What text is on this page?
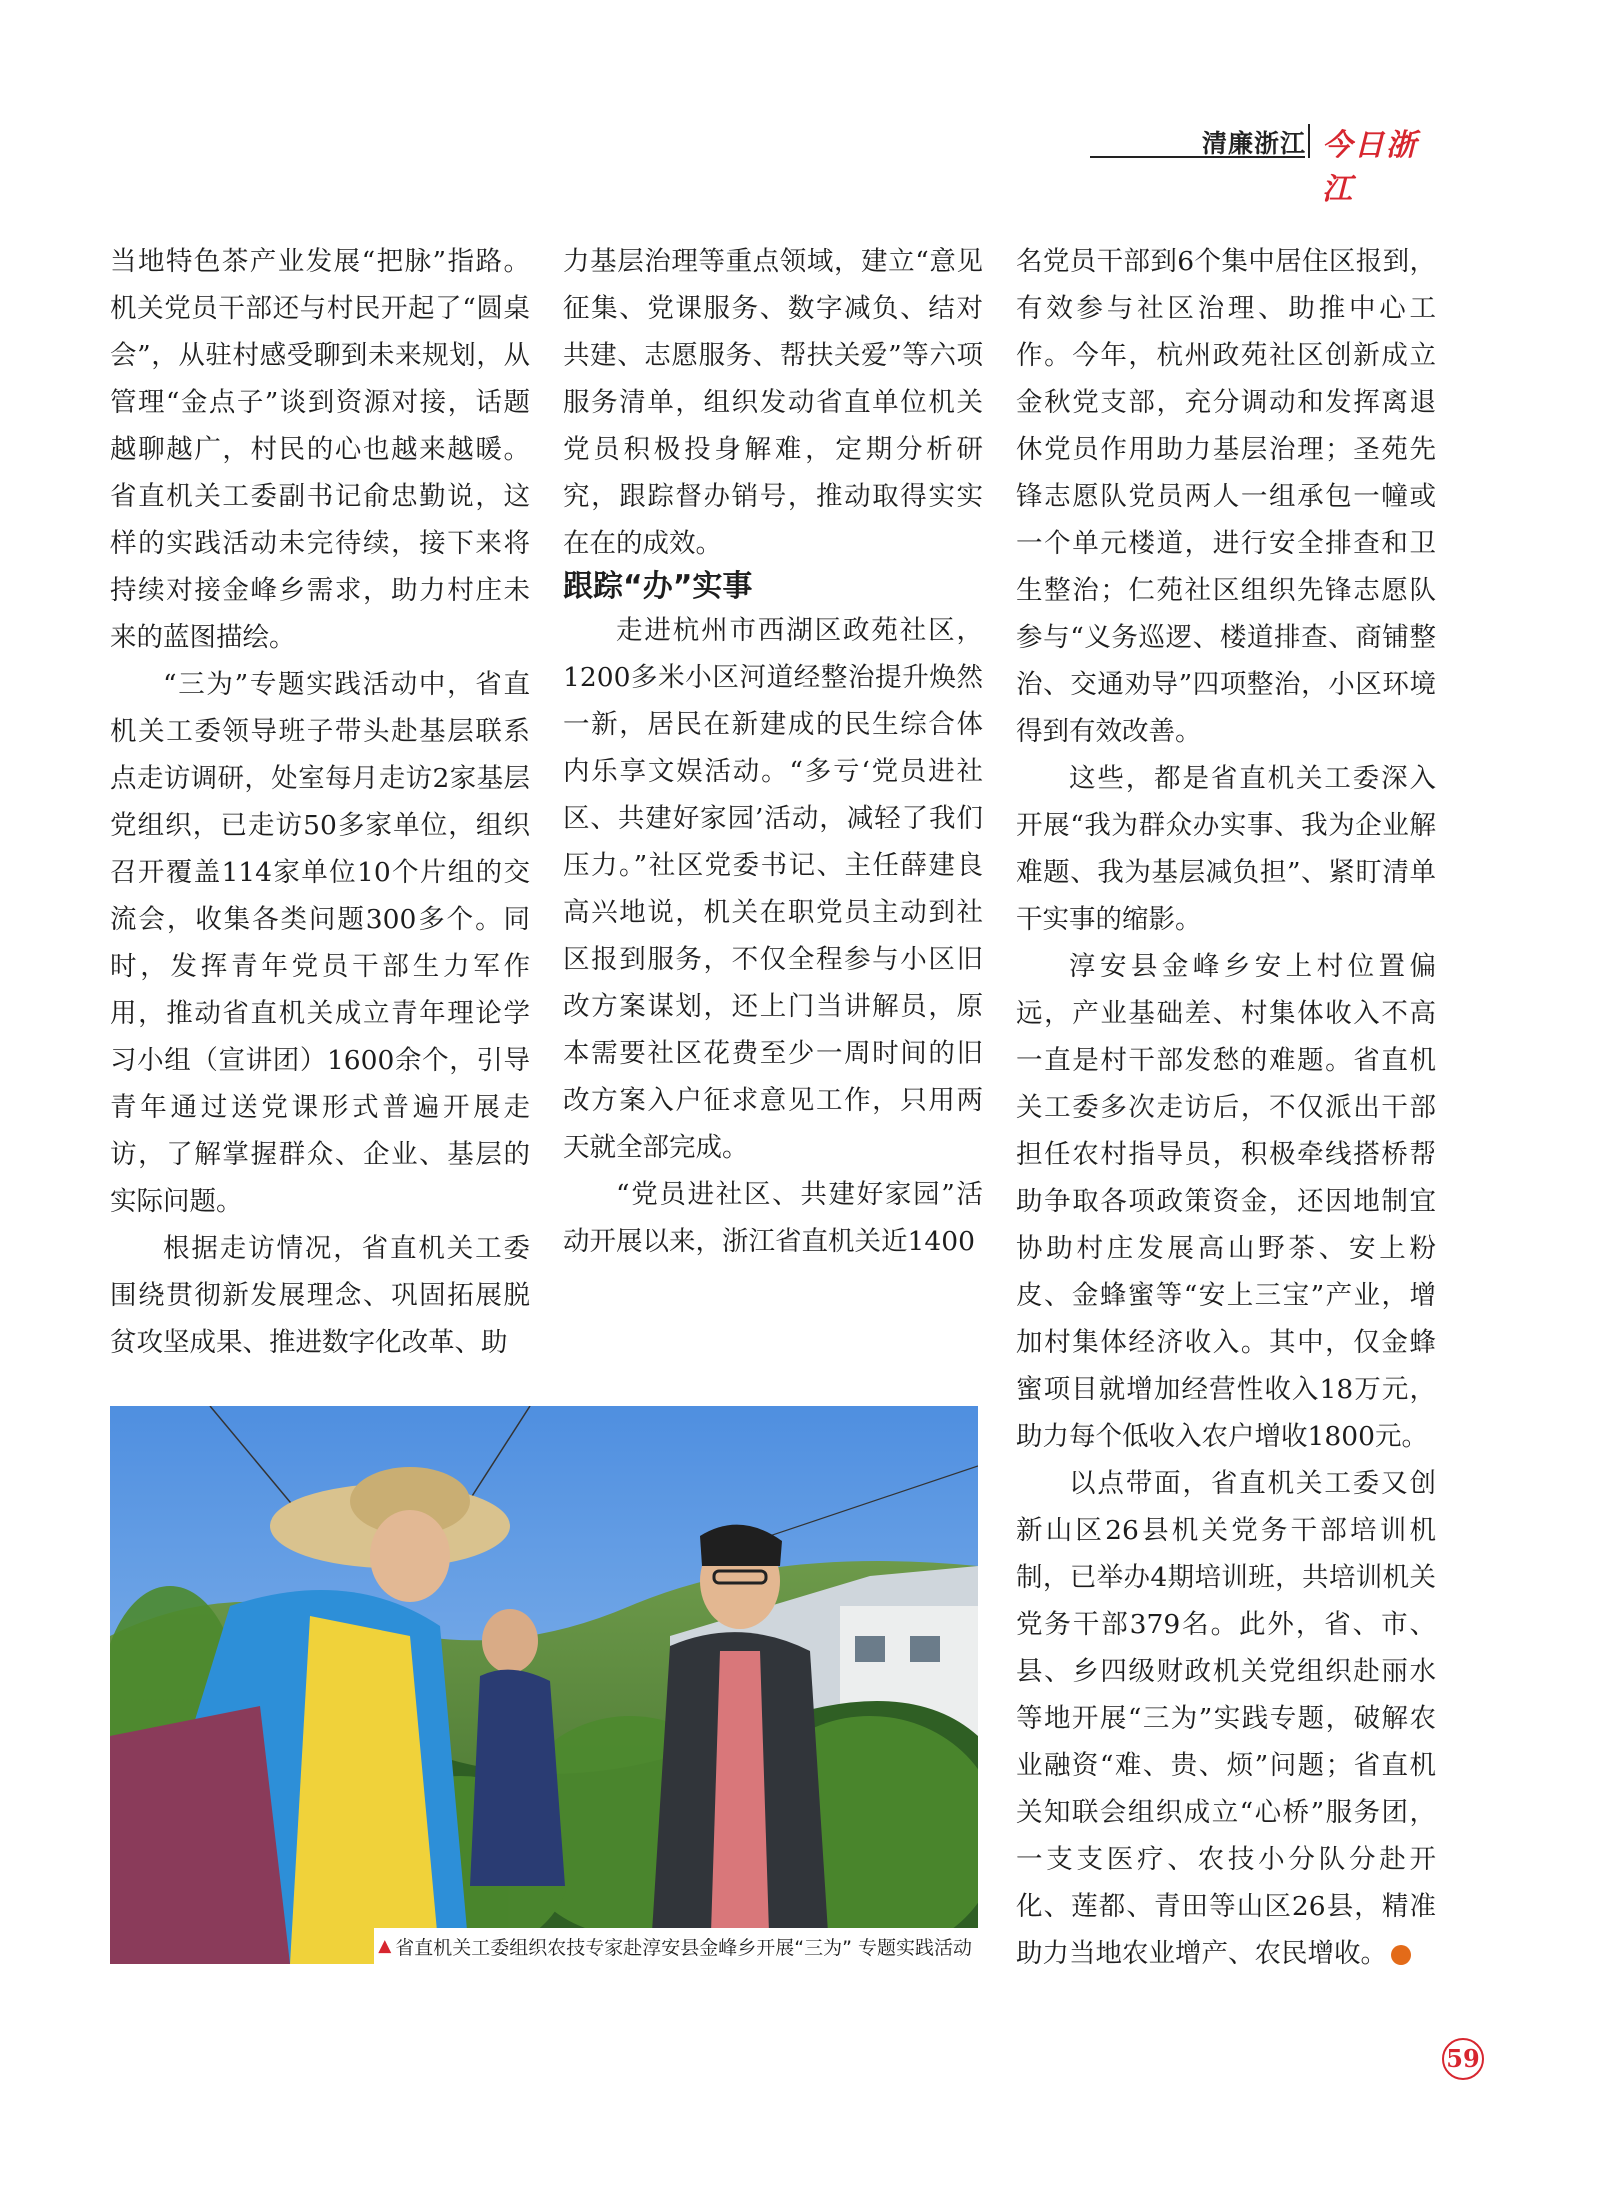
清廉浙江 今日浙江

当地特色茶产业发展“把脉”指路。机关党员干部还与村民开起了“圆桌会”，从驻村感受聊到未来规划，从管理“金点子”谈到资源对接，话题越聊越广，村民的心也越来越暖。省直机关工委副书记俞忠勤说，这样的实践活动未完待续，接下来将持续对接金峰乡需求，助力村庄未来的蓝图描绘。

“三为”专题实践活动中，省直机关工委领导班子带头赴基层联系点走访调研，处室每月走访2家基层党组织，已走访50多家单位，组织召开覆盖114家单位10个片组的交流会，收集各类问题300多个。同时，发挥青年党员干部生力军作用，推动省直机关成立青年理论学习小组（宣讲团）1600余个，引导青年通过送党课形式普遍开展走访，了解掌握群众、企业、基层的实际问题。

根据走访情况，省直机关工委围绕贯彻新发展理念、巩固拓展脱贫攻坚成果、推进数字化改革、助

力基层治理等重点领域，建立“意见征集、党课服务、数字减负、结对共建、志愿服务、帮扶关爱”等六项服务清单，组织发动省直单位机关党员积极投身解难，定期分析研究，跟踪督办销号，推动取得实实在在的成效。

跟踪“办”实事

走进杭州市西湖区政苑社区，1200多米小区河道经整治提升焕然一新，居民在新建成的民生综合体内乐享文娱活动。“多亏‘党员进社区、共建好家园’活动，减轻了我们压力。”社区党委书记、主任薛建良高兴地说，机关在职党员主动到社区报到服务，不仅全程参与小区旧改方案谋划，还上门当讲解员，原本需要社区花费至少一周时间的旧改方案入户征求意见工作，只用两天就全部完成。

“党员进社区、共建好家园”活动开展以来，浙江省直机关近1400

名党员干部到6个集中居住区报到，有效参与社区治理、助推中心工作。今年，杭州政苑社区创新成立金秋党支部，充分调动和发挥离退休党员作用助力基层治理；圣苑先锋志愿队党员两人一组承包一幢或一个单元楼道，进行安全排查和卫生整治；仁苑社区组织先锋志愿队参与“义务巡逻、楼道排查、商铺整治、交通劝导”四项整治，小区环境得到有效改善。

这些，都是省直机关工委深入开展“我为群众办实事、我为企业解难题、我为基层减负担”、紧盯清单干实事的缩影。

淳安县金峰乡安上村位置偏远，产业基础差、村集体收入不高一直是村干部发愁的难题。省直机关工委多次走访后，不仅派出干部担任农村指导员，积极牵线搭桥帮助争取各项政策资金，还因地制宜协助村庄发展高山野茶、安上粉皮、金蜂蜜等“安上三宝”产业，增加村集体经济收入。其中，仅金蜂蜜项目就增加经营性收入18万元，助力每个低收入农户增收1800元。

以点带面，省直机关工委又创新山区26县机关党务干部培训机制，已举办4期培训班，共培训机关党务干部379名。此外，省、市、县、乡四级财政机关党组织赴丽水等地开展“三为”实践专题，破解农业融资“难、贵、烦”问题；省直机关知联会组织成立“心桥”服务团，一支支医疗、农技小分队分赴开化、莲都、青田等山区26县，精准助力当地农业增产、农民增收。	今

▲ 省直机关工委组织农技专家赴淳安县金峰乡开展“三为” 专题实践活动
59
